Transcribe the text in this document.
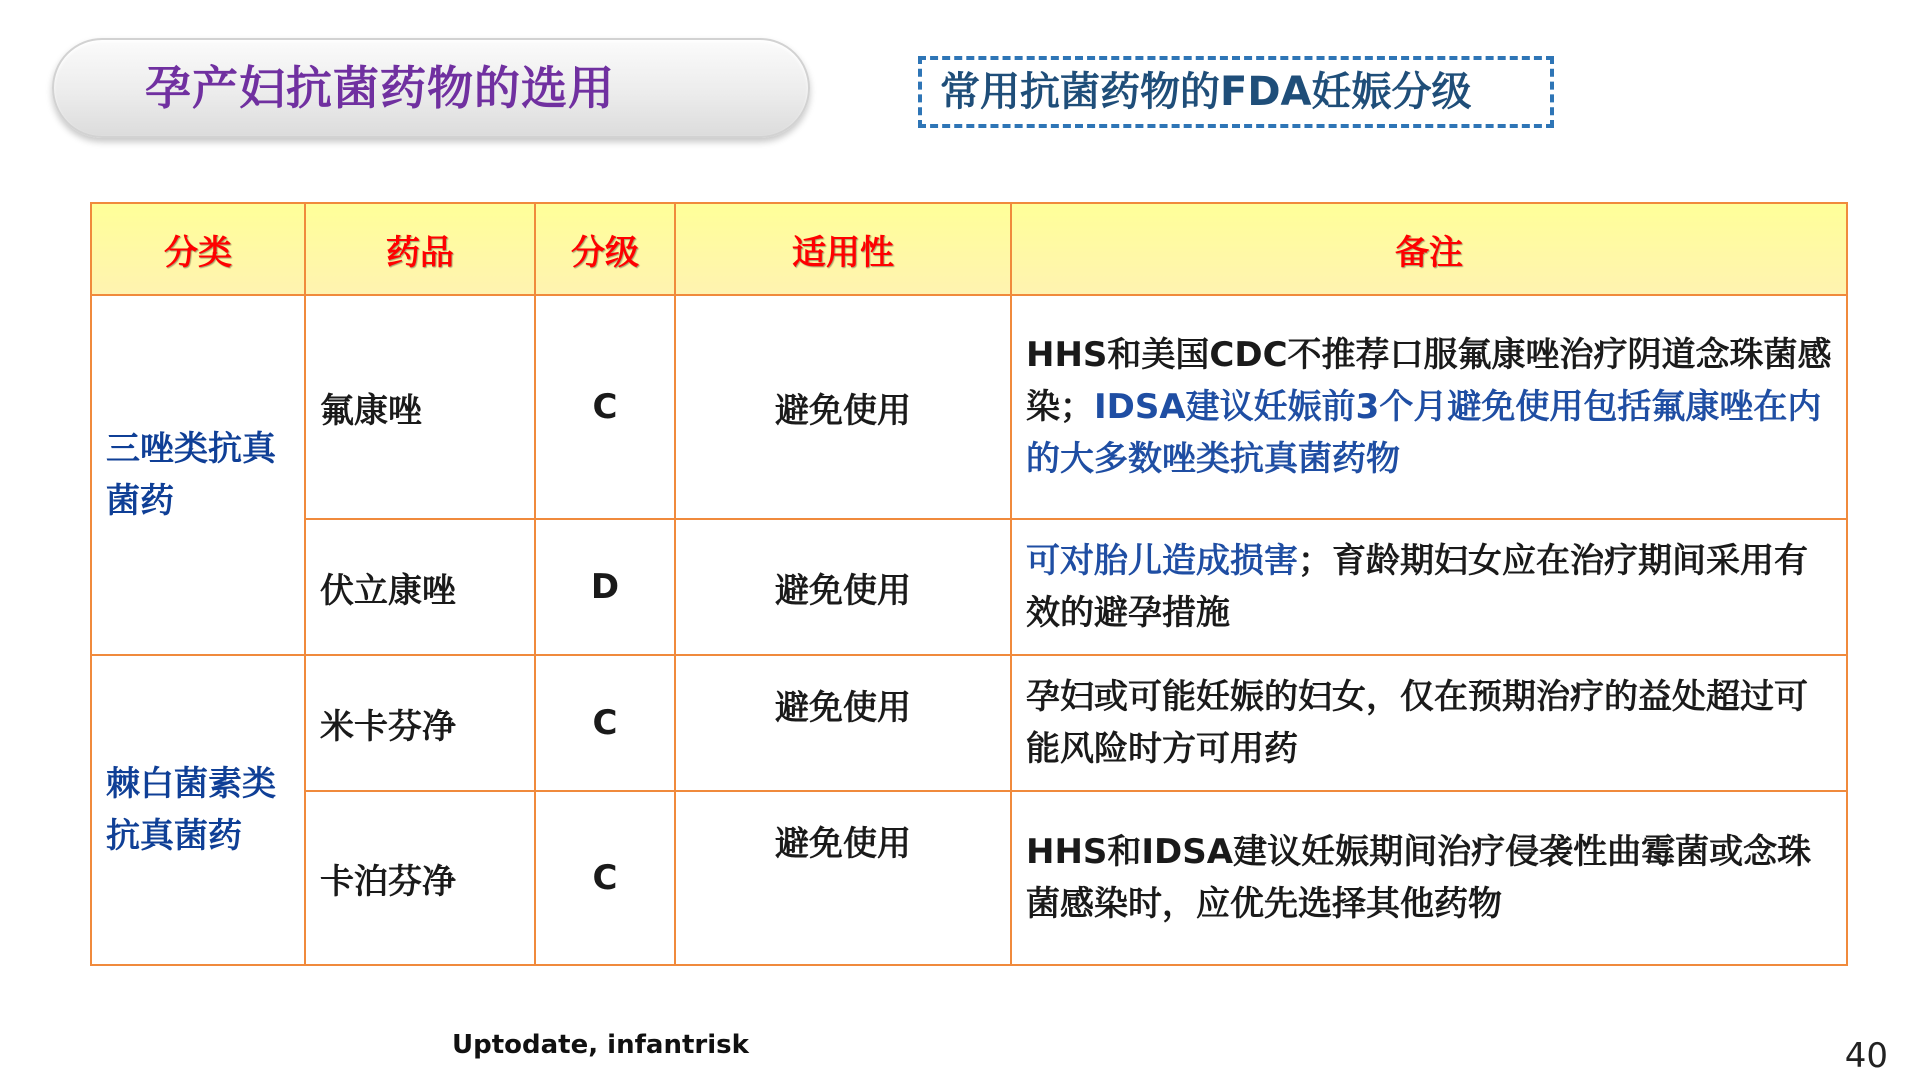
孕产妇抗菌药物的选用	常用抗菌药物的FDA妊娠分级
分类	药品	分级	适用性	备注
三唑类抗真菌药	氟康唑	C	避免使用	HHS和美国CDC不推荐口服氟康唑治疗阴道念珠菌感染；IDSA建议妊娠前3个月避免使用包括氟康唑在内的大多数唑类抗真菌药物
	伏立康唑	D	避免使用	可对胎儿造成损害；育龄期妇女应在治疗期间采用有效的避孕措施
棘白菌素类抗真菌药	米卡芬净	C	避免使用	孕妇或可能妊娠的妇女，仅在预期治疗的益处超过可能风险时方可用药
	卡泊芬净	C	避免使用	HHS和IDSA建议妊娠期间治疗侵袭性曲霉菌或念珠菌感染时，应优先选择其他药物
Uptodate, infantrisk	40
